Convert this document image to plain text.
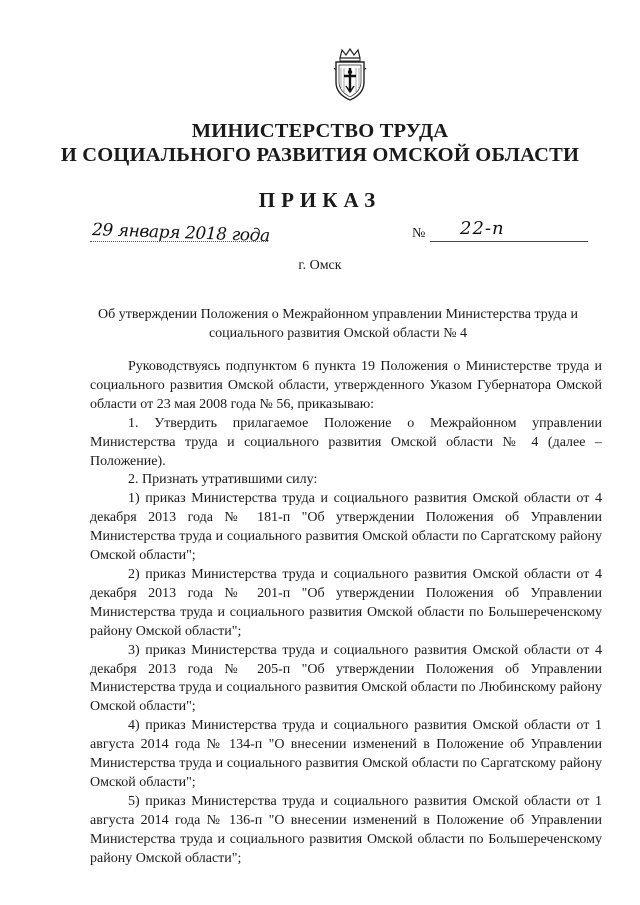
МИНИСТЕРСТВО ТРУДА
И СОЦИАЛЬНОГО РАЗВИТИЯ ОМСКОЙ ОБЛАСТИ
ПРИКАЗ
29 января 2018 года	№ 22-п
г. Омск
Об утверждении Положения о Межрайонном управлении Министерства труда и социального развития Омской области № 4

Руководствуясь подпунктом 6 пункта 19 Положения о Министерстве труда и социального развития Омской области, утвержденного Указом Губернатора Омской области от 23 мая 2008 года № 56, приказываю:

1. Утвердить прилагаемое Положение о Межрайонном управлении Министерства труда и социального развития Омской области № 4 (далее – Положение).

2. Признать утратившими силу:

1) приказ Министерства труда и социального развития Омской области от 4 декабря 2013 года № 181-п "Об утверждении Положения об Управлении Министерства труда и социального развития Омской области по Саргатскому району Омской области";

2) приказ Министерства труда и социального развития Омской области от 4 декабря 2013 года № 201-п "Об утверждении Положения об Управлении Министерства труда и социального развития Омской области по Большереченскому району Омской области";

3) приказ Министерства труда и социального развития Омской области от 4 декабря 2013 года № 205-п "Об утверждении Положения об Управлении Министерства труда и социального развития Омской области по Любинскому району Омской области";

4) приказ Министерства труда и социального развития Омской области от 1 августа 2014 года № 134-п "О внесении изменений в Положение об Управлении Министерства труда и социального развития Омской области по Саргатскому району Омской области";

5) приказ Министерства труда и социального развития Омской области от 1 августа 2014 года № 136-п "О внесении изменений в Положение об Управлении Министерства труда и социального развития Омской области по Большереченскому району Омской области";
